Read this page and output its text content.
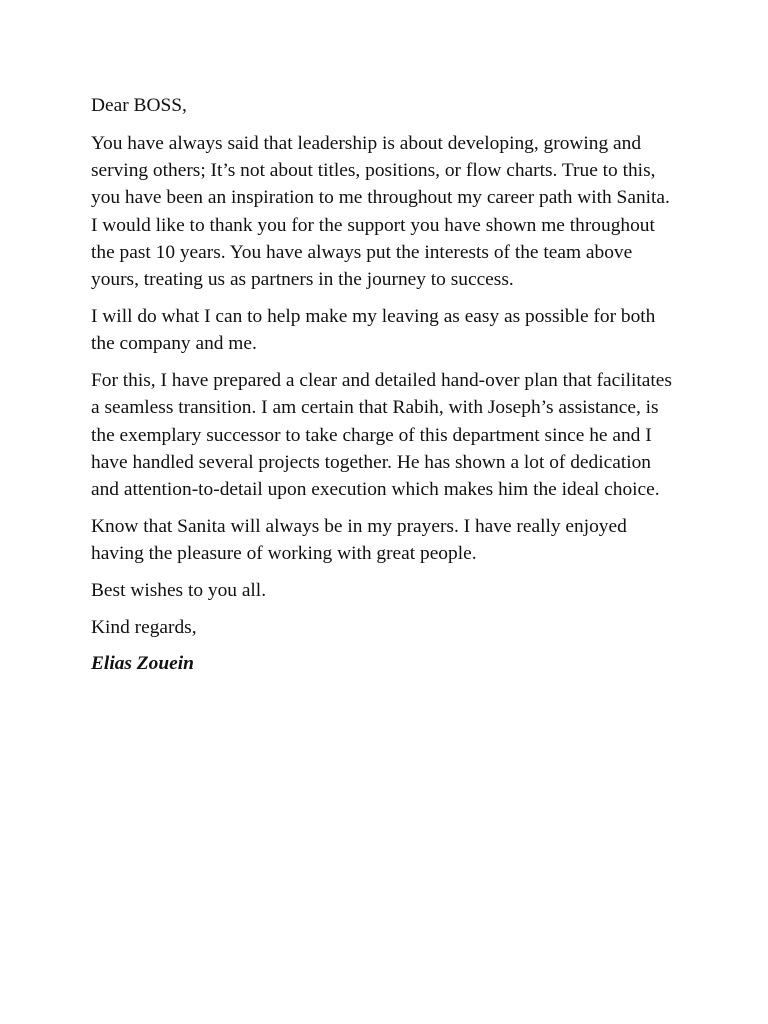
Dear BOSS,

You have always said that leadership is about developing, growing and serving others; It’s not about titles, positions, or flow charts. True to this, you have been an inspiration to me throughout my career path with Sanita. I would like to thank you for the support you have shown me throughout the past 10 years. You have always put the interests of the team above yours, treating us as partners in the journey to success.

I will do what I can to help make my leaving as easy as possible for both the company and me.

For this, I have prepared a clear and detailed hand-over plan that facilitates a seamless transition. I am certain that Rabih, with Joseph’s assistance, is the exemplary successor to take charge of this department since he and I have handled several projects together. He has shown a lot of dedication and attention-to-detail upon execution which makes him the ideal choice.

Know that Sanita will always be in my prayers. I have really enjoyed having the pleasure of working with great people.

Best wishes to you all.

Kind regards,

Elias Zouein
